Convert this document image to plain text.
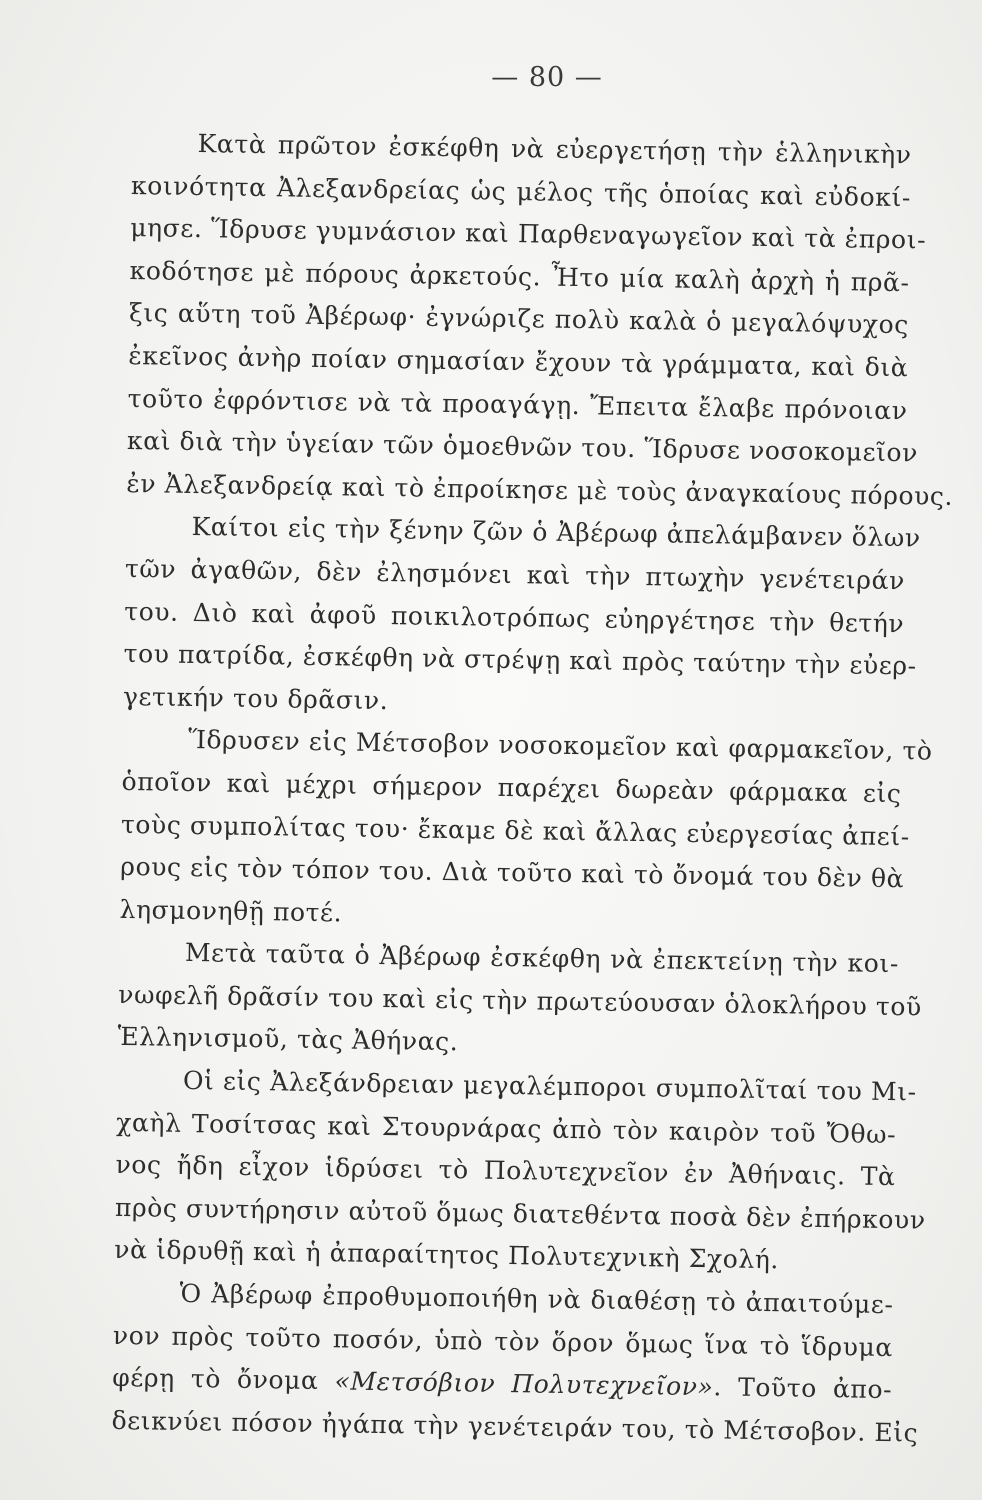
— 80 —
Κατὰ πρῶτον ἐσκέφθη νὰ εὐεργετήσῃ τὴν ἑλληνικὴν
κοινότητα Ἀλεξανδρείας ὡς μέλος τῆς ὁποίας καὶ εὐδοκί-
μησε. Ἵδρυσε γυμνάσιον καὶ Παρθεναγωγεῖον καὶ τὰ ἐπροι-
κοδότησε μὲ πόρους ἀρκετούς. Ἦτο μία καλὴ ἀρχὴ ἡ πρᾶ-
ξις αὕτη τοῦ Ἀβέρωφ· ἐγνώριζε πολὺ καλὰ ὁ μεγαλόψυχος
ἐκεῖνος ἀνὴρ ποίαν σημασίαν ἔχουν τὰ γράμματα, καὶ διὰ
τοῦτο ἐφρόντισε νὰ τὰ προαγάγῃ. Ἔπειτα ἔλαβε πρόνοιαν
καὶ διὰ τὴν ὑγείαν τῶν ὁμοεθνῶν του. Ἵδρυσε νοσοκομεῖον
ἐν Ἀλεξανδρείᾳ καὶ τὸ ἐπροίκησε μὲ τοὺς ἀναγκαίους πόρους.
Καίτοι εἰς τὴν ξένην ζῶν ὁ Ἀβέρωφ ἀπελάμβανεν ὅλων
τῶν ἀγαθῶν, δὲν ἐλησμόνει καὶ τὴν πτωχὴν γενέτειράν
του. Διὸ καὶ ἀφοῦ ποικιλοτρόπως εὐηργέτησε τὴν θετήν
του πατρίδα, ἐσκέφθη νὰ στρέψῃ καὶ πρὸς ταύτην τὴν εὐερ-
γετικήν του δρᾶσιν.
Ἵδρυσεν εἰς Μέτσοβον νοσοκομεῖον καὶ φαρμακεῖον, τὸ
ὁποῖον καὶ μέχρι σήμερον παρέχει δωρεὰν φάρμακα εἰς
τοὺς συμπολίτας του· ἔκαμε δὲ καὶ ἄλλας εὐεργεσίας ἀπεί-
ρους εἰς τὸν τόπον του. Διὰ τοῦτο καὶ τὸ ὄνομά του δὲν θὰ
λησμονηθῇ ποτέ.
Μετὰ ταῦτα ὁ Ἀβέρωφ ἐσκέφθη νὰ ἐπεκτείνῃ τὴν κοι-
νωφελῆ δρᾶσίν του καὶ εἰς τὴν πρωτεύουσαν ὁλοκλήρου τοῦ
Ἑλληνισμοῦ, τὰς Ἀθήνας.
Οἱ εἰς Ἀλεξάνδρειαν μεγαλέμποροι συμπολῖταί του Μι-
χαὴλ Τοσίτσας καὶ Στουρνάρας ἀπὸ τὸν καιρὸν τοῦ Ὄθω-
νος ἤδη εἶχον ἱδρύσει τὸ Πολυτεχνεῖον ἐν Ἀθήναις. Τὰ
πρὸς συντήρησιν αὐτοῦ ὅμως διατεθέντα ποσὰ δὲν ἐπήρκουν
νὰ ἱδρυθῇ καὶ ἡ ἀπαραίτητος Πολυτεχνικὴ Σχολή.
Ὁ Ἀβέρωφ ἐπροθυμοποιήθη νὰ διαθέσῃ τὸ ἀπαιτούμε-
νον πρὸς τοῦτο ποσόν, ὑπὸ τὸν ὅρον ὅμως ἵνα τὸ ἵδρυμα
φέρῃ τὸ ὄνομα «Μετσόβιον Πολυτεχνεῖον». Τοῦτο ἀπο-
δεικνύει πόσον ἠγάπα τὴν γενέτειράν του, τὸ Μέτσοβον. Εἰς
